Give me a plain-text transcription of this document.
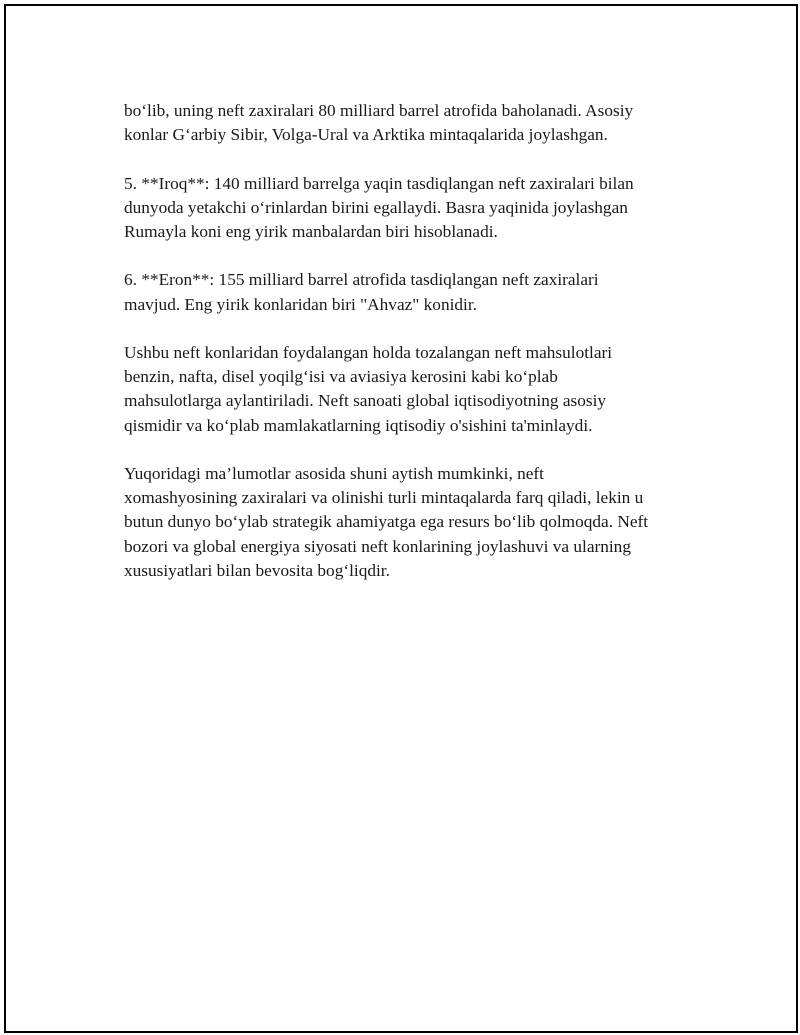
bo‘lib, uning neft zaxiralari 80 milliard barrel atrofida baholanadi. Asosiy
konlar G‘arbiy Sibir, Volga-Ural va Arktika mintaqalarida joylashgan.

5. **Iroq**: 140 milliard barrelga yaqin tasdiqlangan neft zaxiralari bilan
dunyoda yetakchi o‘rinlardan birini egallaydi. Basra yaqinida joylashgan
Rumayla koni eng yirik manbalardan biri hisoblanadi.

6. **Eron**: 155 milliard barrel atrofida tasdiqlangan neft zaxiralari
mavjud. Eng yirik konlaridan biri "Ahvaz" konidir.

Ushbu neft konlaridan foydalangan holda tozalangan neft mahsulotlari
benzin, nafta, disel yoqilg‘isi va aviasiya kerosini kabi ko‘plab
mahsulotlarga aylantiriladi. Neft sanoati global iqtisodiyotning asosiy
qismidir va ko‘plab mamlakatlarning iqtisodiy o'sishini ta'minlaydi.

Yuqoridagi ma’lumotlar asosida shuni aytish mumkinki, neft
xomashyosining zaxiralari va olinishi turli mintaqalarda farq qiladi, lekin u
butun dunyo bo‘ylab strategik ahamiyatga ega resurs bo‘lib qolmoqda. Neft
bozori va global energiya siyosati neft konlarining joylashuvi va ularning
xususiyatlari bilan bevosita bog‘liqdir.
